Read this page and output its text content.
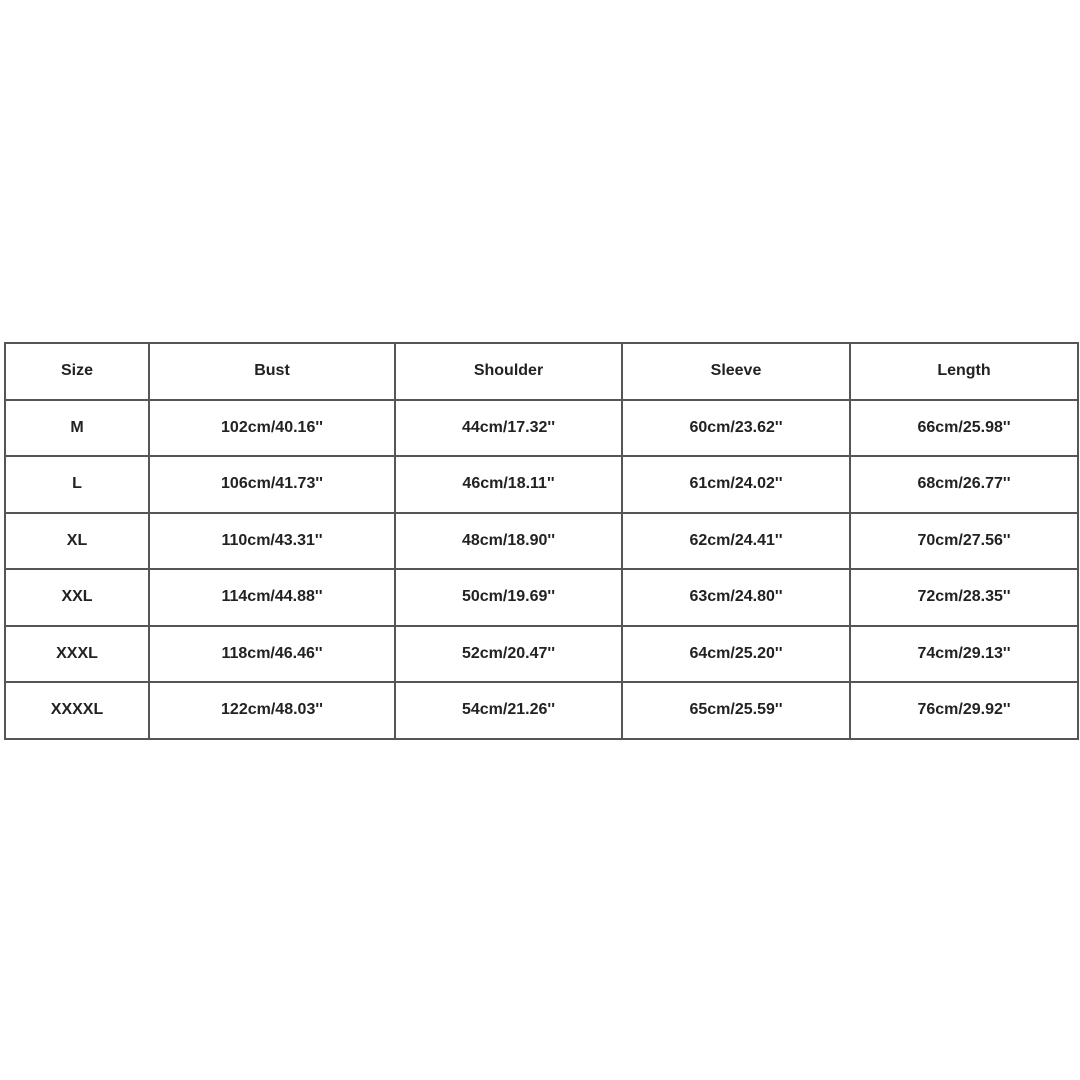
Size	Bust	Shoulder	Sleeve	Length
M	102cm/40.16''	44cm/17.32''	60cm/23.62''	66cm/25.98''
L	106cm/41.73''	46cm/18.11''	61cm/24.02''	68cm/26.77''
XL	110cm/43.31''	48cm/18.90''	62cm/24.41''	70cm/27.56''
XXL	114cm/44.88''	50cm/19.69''	63cm/24.80''	72cm/28.35''
XXXL	118cm/46.46''	52cm/20.47''	64cm/25.20''	74cm/29.13''
XXXXL	122cm/48.03''	54cm/21.26''	65cm/25.59''	76cm/29.92''
